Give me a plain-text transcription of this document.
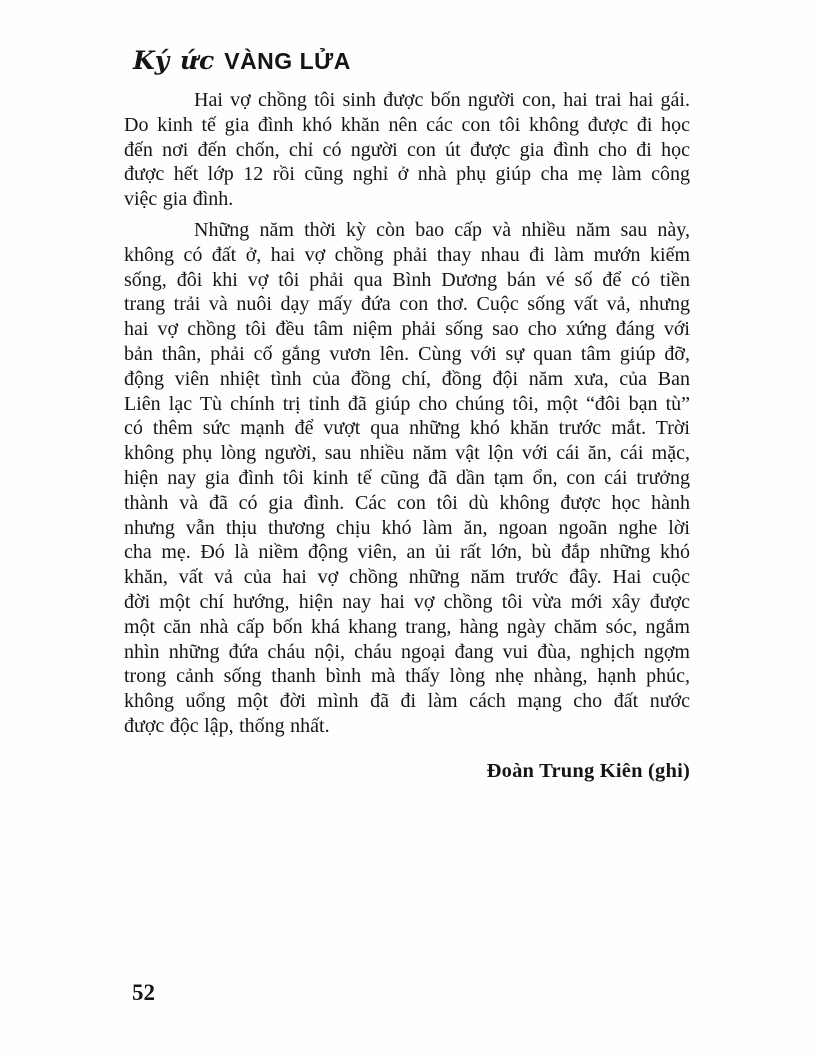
Ký ức VÀNG LỬA
Hai vợ chồng tôi sinh được bốn người con, hai trai hai gái.
Do kinh tế gia đình khó khăn nên các con tôi không được đi học
đến nơi đến chốn, chỉ có người con út được gia đình cho đi học
được hết lớp 12 rồi cũng nghỉ ở nhà phụ giúp cha mẹ làm công
việc gia đình.
Những năm thời kỳ còn bao cấp và nhiều năm sau này,
không có đất ở, hai vợ chồng phải thay nhau đi làm mướn kiếm
sống, đôi khi vợ tôi phải qua Bình Dương bán vé số để có tiền
trang trải và nuôi dạy mấy đứa con thơ. Cuộc sống vất vả, nhưng
hai vợ chồng tôi đều tâm niệm phải sống sao cho xứng đáng với
bản thân, phải cố gắng vươn lên. Cùng với sự quan tâm giúp đỡ,
động viên nhiệt tình của đồng chí, đồng đội năm xưa, của Ban
Liên lạc Tù chính trị tỉnh đã giúp cho chúng tôi, một “đôi bạn tù”
có thêm sức mạnh để vượt qua những khó khăn trước mắt. Trời
không phụ lòng người, sau nhiều năm vật lộn với cái ăn, cái mặc,
hiện nay gia đình tôi kinh tế cũng đã dần tạm ổn, con cái trưởng
thành và đã có gia đình. Các con tôi dù không được học hành
nhưng vẫn thịu thương chịu khó làm ăn, ngoan ngoãn nghe lời
cha mẹ. Đó là niềm động viên, an ủi rất lớn, bù đắp những khó
khăn, vất vả của hai vợ chồng những năm trước đây. Hai cuộc
đời một chí hướng, hiện nay hai vợ chồng tôi vừa mới xây được
một căn nhà cấp bốn khá khang trang, hàng ngày chăm sóc, ngắm
nhìn những đứa cháu nội, cháu ngoại đang vui đùa, nghịch ngợm
trong cảnh sống thanh bình mà thấy lòng nhẹ nhàng, hạnh phúc,
không uổng một đời mình đã đi làm cách mạng cho đất nước
được độc lập, thống nhất.
Đoàn Trung Kiên (ghi)
52
